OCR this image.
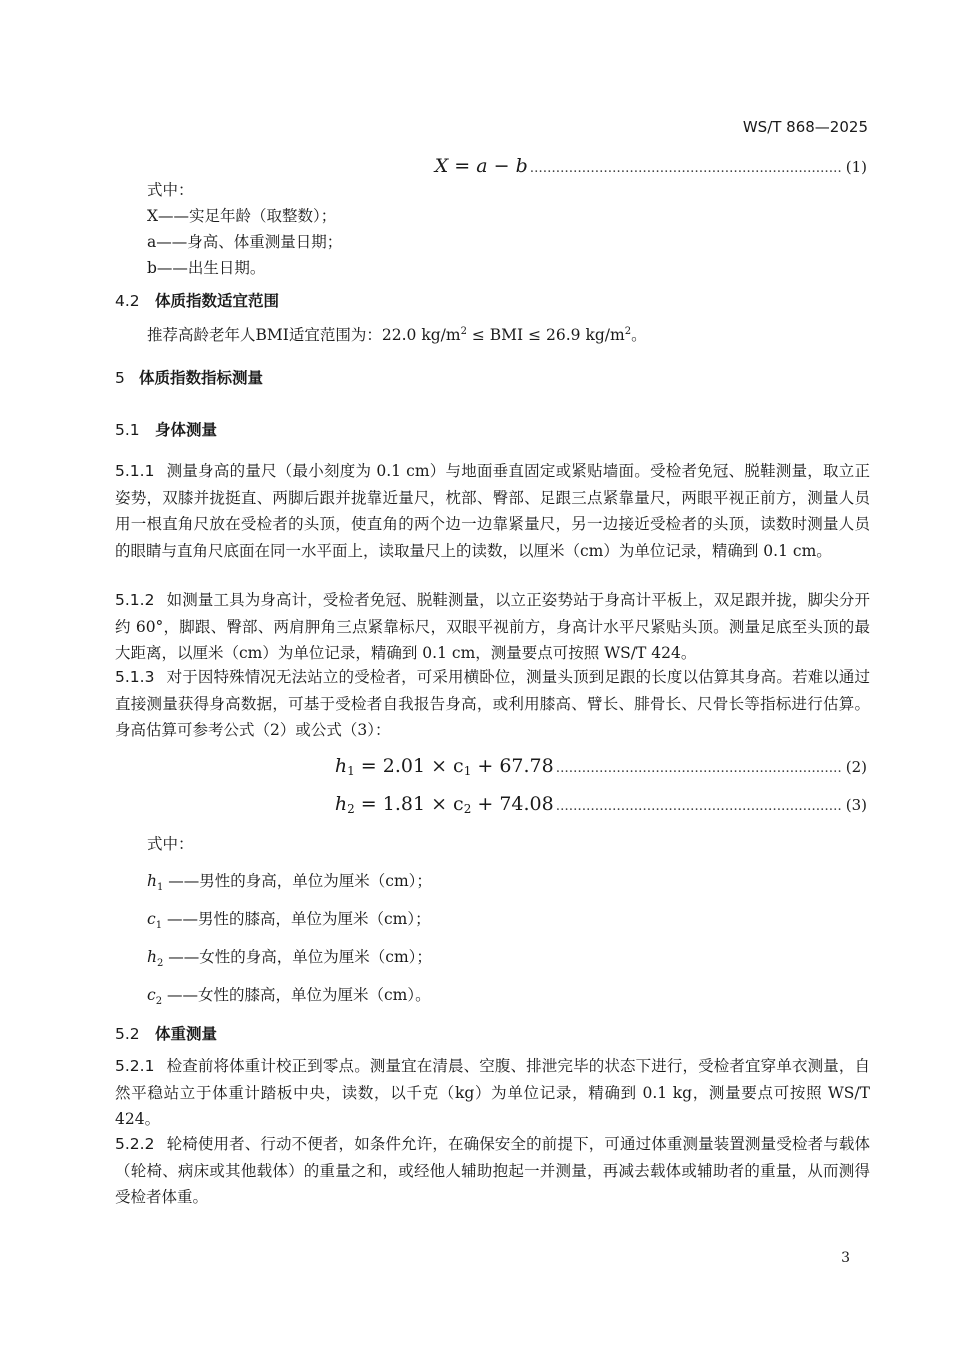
WS/T 868—2025
X = a − b ……………………………………………………………… (1)
式中：
X——实足年龄（取整数）；
a——身高、体重测量日期；
b——出生日期。
4.2 体质指数适宜范围
推荐高龄老年人BMI适宜范围为：22.0 $kg/m^2$ ≤ BMI ≤ 26.9 $kg/m^2$。
5 体质指数指标测量
5.1 身体测量
5.1.1 测量身高的量尺（最小刻度为 0.1 cm）与地面垂直固定或紧贴墙面。受检者免冠、脱鞋测量，取立正姿势，双膝并拢挺直、两脚后跟并拢靠近量尺，枕部、臀部、足跟三点紧靠量尺，两眼平视正前方，测量人员用一根直角尺放在受检者的头顶，使直角的两个边一边靠紧量尺，另一边接近受检者的头顶，读数时测量人员的眼睛与直角尺底面在同一水平面上，读取量尺上的读数，以厘米（cm）为单位记录，精确到 0.1 cm。
5.1.2 如测量工具为身高计，受检者免冠、脱鞋测量，以立正姿势站于身高计平板上，双足跟并拢，脚尖分开约 60°，脚跟、臀部、两肩胛角三点紧靠标尺，双眼平视前方，身高计水平尺紧贴头顶。测量足底至头顶的最大距离，以厘米（cm）为单位记录，精确到 0.1 cm，测量要点可按照 WS/T 424。
5.1.3 对于因特殊情况无法站立的受检者，可采用横卧位，测量头顶到足跟的长度以估算其身高。若难以通过直接测量获得身高数据，可基于受检者自我报告身高，或利用膝高、臂长、腓骨长、尺骨长等指标进行估算。身高估算可参考公式（2）或公式（3）：
$h_1 = 2.01 \times c_1 + 67.78$ ………………………………………………………… (2)
$h_2 = 1.81 \times c_2 + 74.08$ ………………………………………………………… (3)
式中：
$h_1$ ——男性的身高，单位为厘米（cm）；
$c_1$ ——男性的膝高，单位为厘米（cm）；
$h_2$ ——女性的身高，单位为厘米（cm）；
$c_2$ ——女性的膝高，单位为厘米（cm）。
5.2 体重测量
5.2.1 检查前将体重计校正到零点。测量宜在清晨、空腹、排泄完毕的状态下进行，受检者宜穿单衣测量，自然平稳站立于体重计踏板中央，读数，以千克（kg）为单位记录，精确到 0.1 kg，测量要点可按照 WS/T 424。
5.2.2 轮椅使用者、行动不便者，如条件允许，在确保安全的前提下，可通过体重测量装置测量受检者与载体（轮椅、病床或其他载体）的重量之和，或经他人辅助抱起一并测量，再减去载体或辅助者的重量，从而测得受检者体重。
3
